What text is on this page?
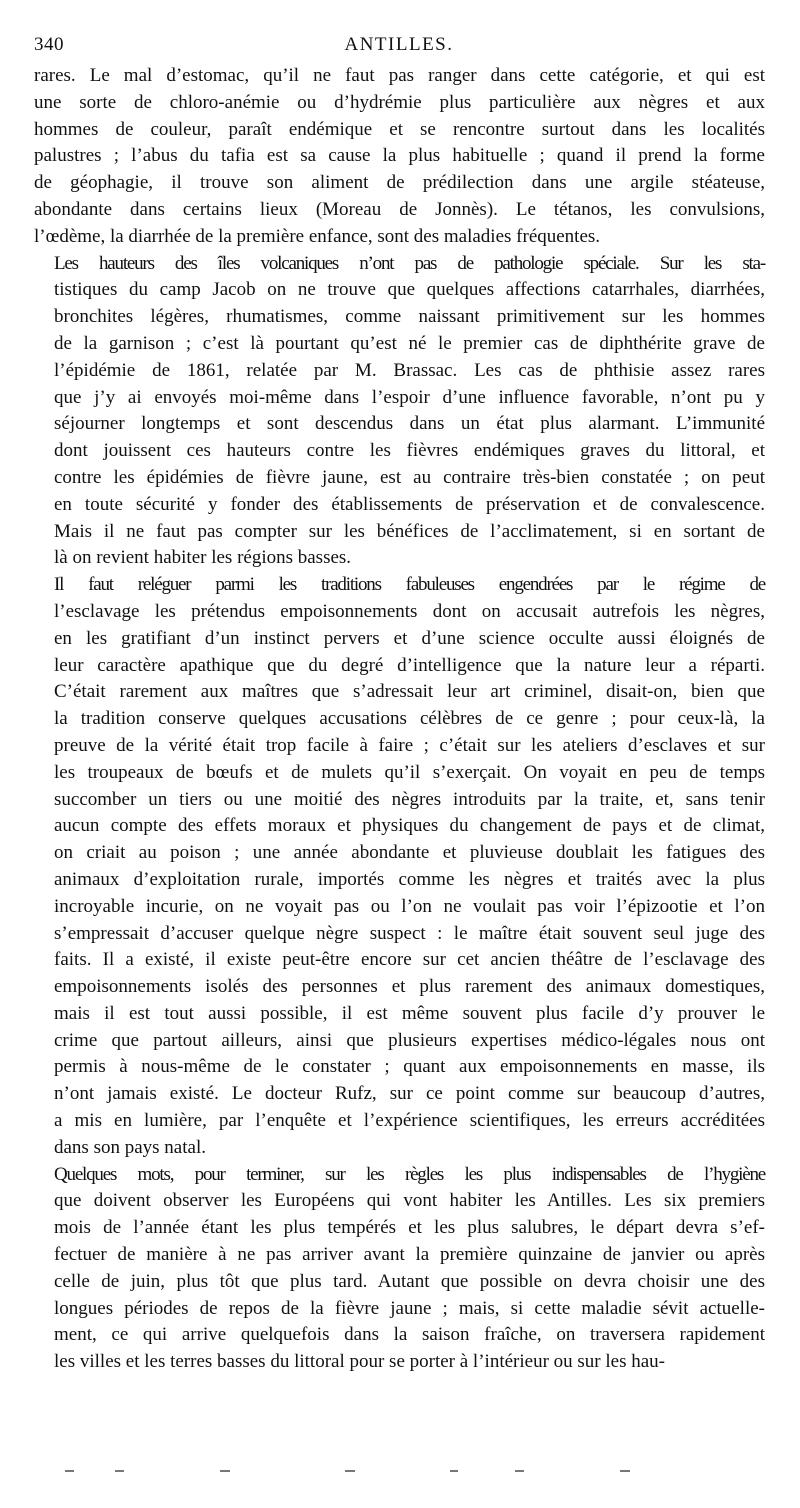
340	ANTILLES.

rares. Le mal d’estomac, qu’il ne faut pas ranger dans cette catégorie, et qui est
une sorte de chloro-anémie ou d’hydrémie plus particulière aux nègres et aux
hommes de couleur, paraît endémique et se rencontre surtout dans les localités
palustres ; l’abus du tafia est sa cause la plus habituelle ; quand il prend la forme
de géophagie, il trouve son aliment de prédilection dans une argile stéateuse,
abondante dans certains lieux (Moreau de Jonnès). Le tétanos, les convulsions,
l’œdème, la diarrhée de la première enfance, sont des maladies fréquentes.

Les hauteurs des îles volcaniques n’ont pas de pathologie spéciale. Sur les sta-
tistiques du camp Jacob on ne trouve que quelques affections catarrhales, diarrhées,
bronchites légères, rhumatismes, comme naissant primitivement sur les hommes
de la garnison ; c’est là pourtant qu’est né le premier cas de diphthérite grave de
l’épidémie de 1861, relatée par M. Brassac. Les cas de phthisie assez rares
que j’y ai envoyés moi-même dans l’espoir d’une influence favorable, n’ont pu y
séjourner longtemps et sont descendus dans un état plus alarmant. L’immunité
dont jouissent ces hauteurs contre les fièvres endémiques graves du littoral, et
contre les épidémies de fièvre jaune, est au contraire très-bien constatée ; on peut
en toute sécurité y fonder des établissements de préservation et de convalescence.
Mais il ne faut pas compter sur les bénéfices de l’acclimatement, si en sortant de
là on revient habiter les régions basses.

Il faut reléguer parmi les traditions fabuleuses engendrées par le régime de
l’esclavage les prétendus empoisonnements dont on accusait autrefois les nègres,
en les gratifiant d’un instinct pervers et d’une science occulte aussi éloignés de
leur caractère apathique que du degré d’intelligence que la nature leur a réparti.
C’était rarement aux maîtres que s’adressait leur art criminel, disait-on, bien que
la tradition conserve quelques accusations célèbres de ce genre ; pour ceux-là, la
preuve de la vérité était trop facile à faire ; c’était sur les ateliers d’esclaves et sur
les troupeaux de bœufs et de mulets qu’il s’exerçait. On voyait en peu de temps
succomber un tiers ou une moitié des nègres introduits par la traite, et, sans tenir
aucun compte des effets moraux et physiques du changement de pays et de climat,
on criait au poison ; une année abondante et pluvieuse doublait les fatigues des
animaux d’exploitation rurale, importés comme les nègres et traités avec la plus
incroyable incurie, on ne voyait pas ou l’on ne voulait pas voir l’épizootie et l’on
s’empressait d’accuser quelque nègre suspect : le maître était souvent seul juge des
faits. Il a existé, il existe peut-être encore sur cet ancien théâtre de l’esclavage des
empoisonnements isolés des personnes et plus rarement des animaux domestiques,
mais il est tout aussi possible, il est même souvent plus facile d’y prouver le
crime que partout ailleurs, ainsi que plusieurs expertises médico-légales nous ont
permis à nous-même de le constater ; quant aux empoisonnements en masse, ils
n’ont jamais existé. Le docteur Rufz, sur ce point comme sur beaucoup d’autres,
a mis en lumière, par l’enquête et l’expérience scientifiques, les erreurs accréditées
dans son pays natal.

Quelques mots, pour terminer, sur les règles les plus indispensables de l’hygiène
que doivent observer les Européens qui vont habiter les Antilles. Les six premiers
mois de l’année étant les plus tempérés et les plus salubres, le départ devra s’ef-
fectuer de manière à ne pas arriver avant la première quinzaine de janvier ou après
celle de juin, plus tôt que plus tard. Autant que possible on devra choisir une des
longues périodes de repos de la fièvre jaune ; mais, si cette maladie sévit actuelle-
ment, ce qui arrive quelquefois dans la saison fraîche, on traversera rapidement
les villes et les terres basses du littoral pour se porter à l’intérieur ou sur les hau-
